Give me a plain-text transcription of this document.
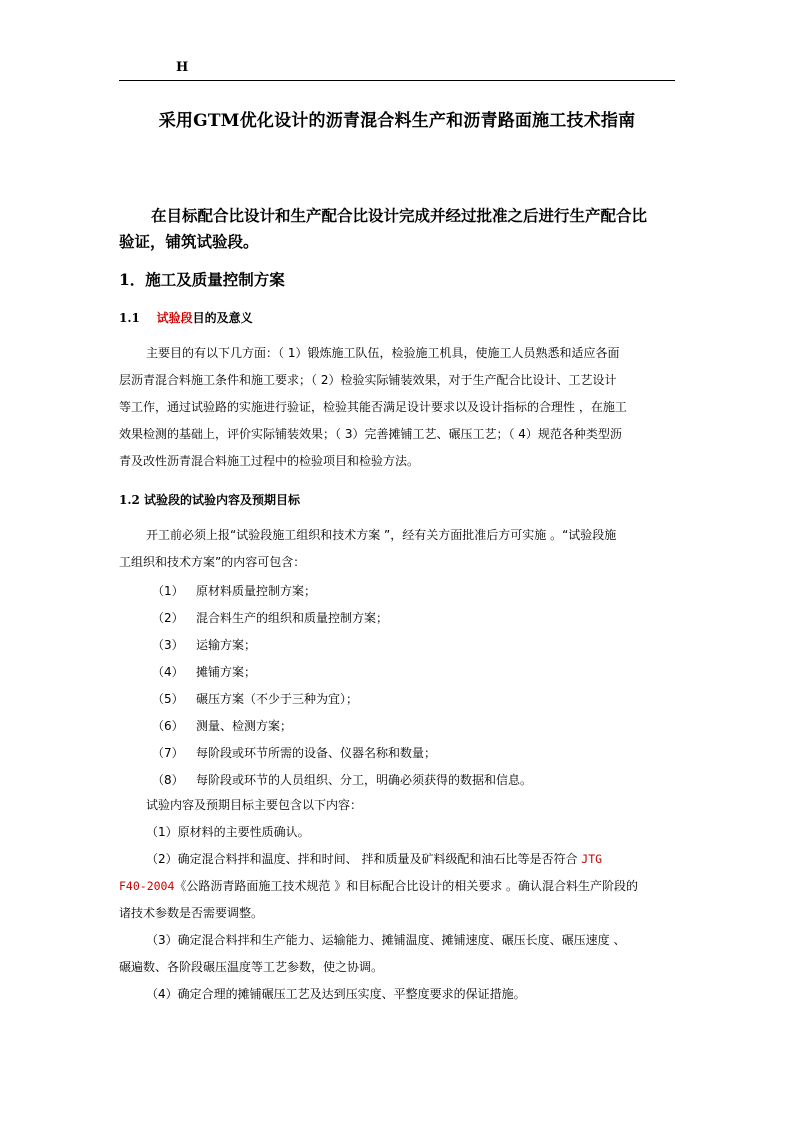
H
采用GTM优化设计的沥青混合料生产和沥青路面施工技术指南
在目标配合比设计和生产配合比设计完成并经过批准之后进行生产配合比
验证，铺筑试验段。
1．施工及质量控制方案
1.1 试验段目的及意义
主要目的有以下几方面：（ 1）锻炼施工队伍，检验施工机具，使施工人员熟悉和适应各面
层沥青混合料施工条件和施工要求；（ 2）检验实际铺装效果，对于生产配合比设计、工艺设计
等工作，通过试验路的实施进行验证，检验其能否满足设计要求以及设计指标的合理性 ，在施工
效果检测的基础上，评价实际铺装效果；（ 3）完善摊铺工艺、碾压工艺；（ 4）规范各种类型沥
青及改性沥青混合料施工过程中的检验项目和检验方法。
1.2 试验段的试验内容及预期目标
开工前必须上报“试验段施工组织和技术方案 ”，经有关方面批准后方可实施 。“试验段施
工组织和技术方案”的内容可包含：
（1） 原材料质量控制方案；
（2） 混合料生产的组织和质量控制方案；
（3） 运输方案；
（4） 摊铺方案；
（5） 碾压方案（不少于三种为宜）；
（6） 测量、检测方案；
（7） 每阶段或环节所需的设备、仪器名称和数量；
（8） 每阶段或环节的人员组织、分工，明确必须获得的数据和信息。
试验内容及预期目标主要包含以下内容：
（1）原材料的主要性质确认。
（2）确定混合料拌和温度、拌和时间、 拌和质量及矿料级配和油石比等是否符合 JTG
F40-2004《公路沥青路面施工技术规范 》和目标配合比设计的相关要求 。确认混合料生产阶段的
诸技术参数是否需要调整。
（3）确定混合料拌和生产能力、运输能力、摊铺温度、摊铺速度、碾压长度、碾压速度 、
碾遍数、各阶段碾压温度等工艺参数，使之协调。
（4）确定合理的摊铺碾压工艺及达到压实度、平整度要求的保证措施。
